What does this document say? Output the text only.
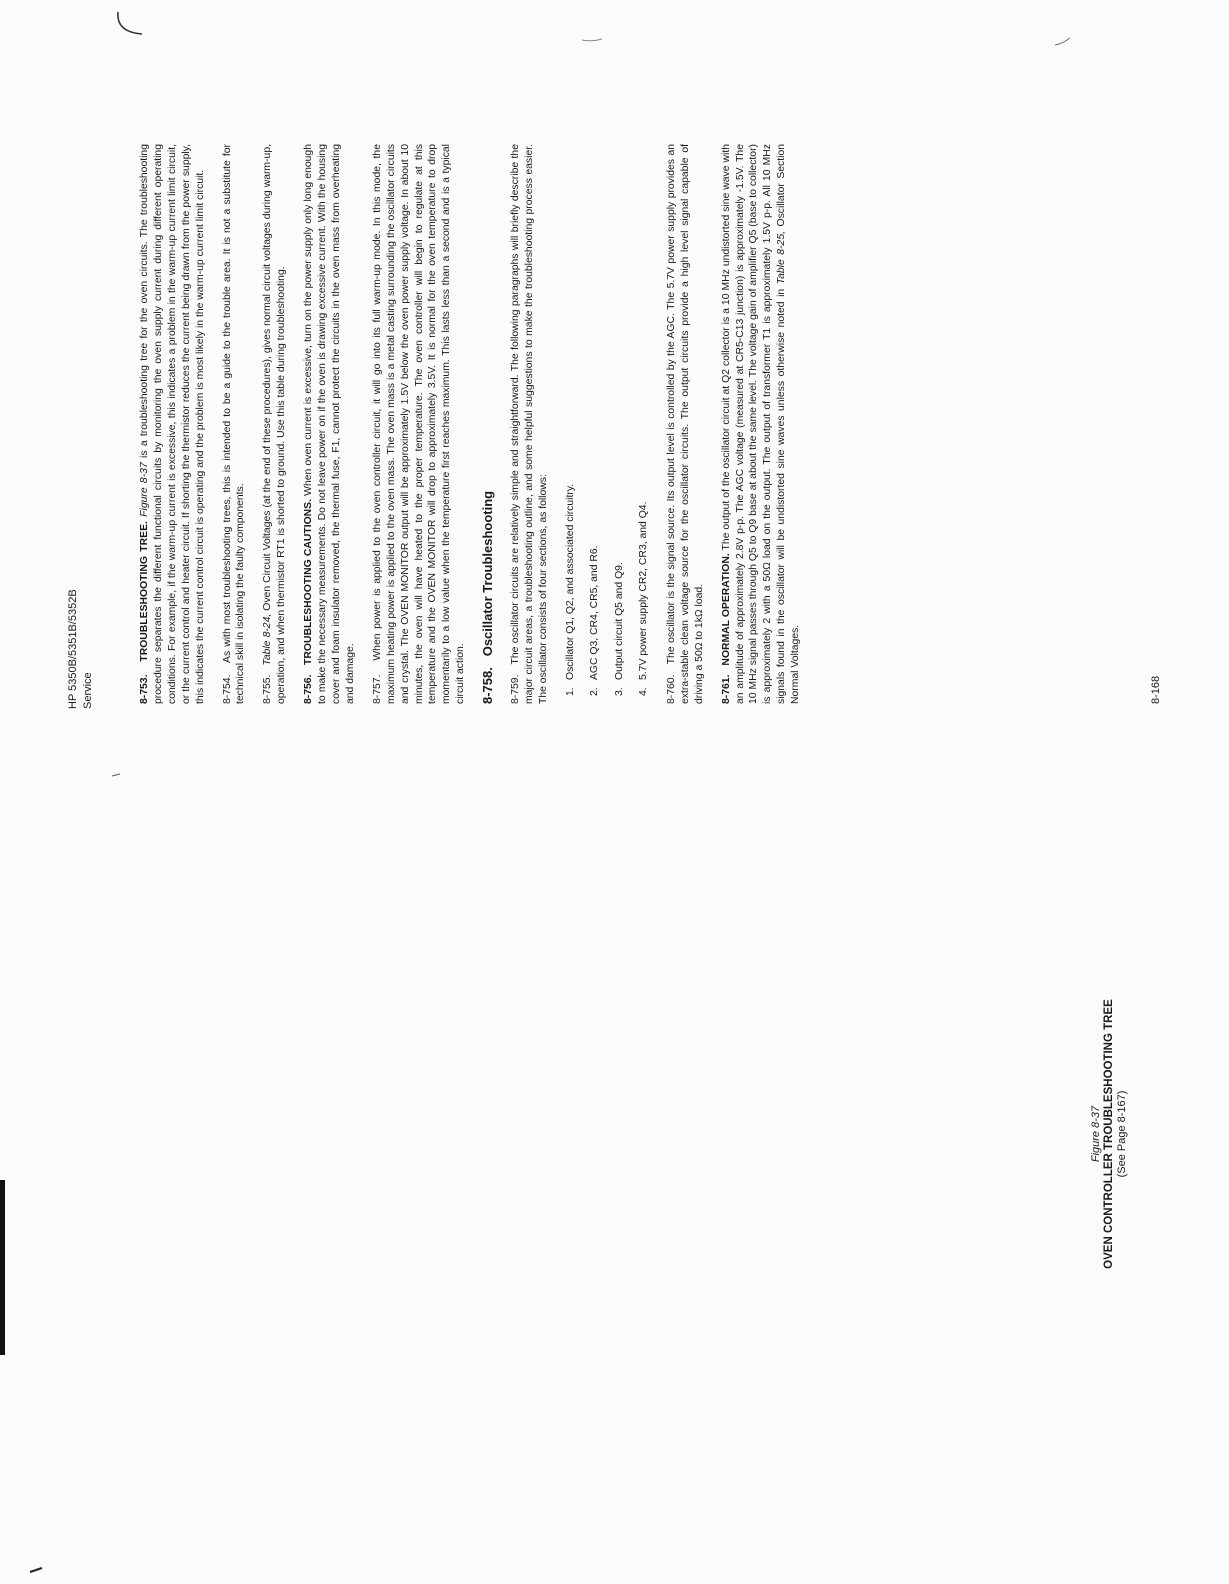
HP 5350B/5351B/5352B Service	8-753.   TROUBLESHOOTING TREE. Figure 8-37 is a troubleshooting tree for the oven circuits. The troubleshooting procedure separates the different functional circuits by monitoring the oven supply current during different operating conditions. For example, if the warm-up current is excessive, this indicates a problem in the warm-up current limit circuit, or the current control and heater circuit. If shorting the thermistor reduces the current being drawn from the power supply, this indicates the current control circuit is operating and the problem is most likely in the warm-up current limit circuit. 8-754.   As with most troubleshooting trees, this is intended to be a guide to the trouble area. It is not a substitute for technical skill in isolating the faulty components. 8-755.   Table 8-24, Oven Circuit Voltages (at the end of these procedures), gives normal circuit voltages during warm-up, operation, and when thermistor RT1 is shorted to ground. Use this table during troubleshooting. 8-756.   TROUBLESHOOTING CAUTIONS. When oven current is excessive, turn on the power supply only long enough to make the necessary measurements. Do not leave power on if the oven is drawing excessive current. With the housing cover and foam insulator removed, the thermal fuse, F1, cannot protect the circuits in the oven mass from overheating and damage. 8-757.   When power is applied to the oven controller circuit, it will go into its full warm-up mode. In this mode, the maximum heating power is applied to the oven mass. The oven mass is a metal casting surrounding the oscillator circuits and crystal. The OVEN MONITOR output will be approximately 1.5V below the oven power supply voltage. In about 10 minutes, the oven will have heated to the proper temperature. The oven controller will begin to regulate at this temperature and the OVEN MONITOR will drop to approximately 3.5V. It is normal for the oven temperature to drop momentarily to a low value when the temperature first reaches maximum. This lasts less than a second and is a typical circuit action. 8-758.   Oscillator Troubleshooting

8-759.   The oscillator circuits are relatively simple and straightforward. The following paragraphs will briefly describe the major circuit areas, a troubleshooting outline, and some helpful suggestions to make the troubleshooting process easier. The oscillator consists of four sections, as follows: 1.Oscillator Q1, Q2, and associated circuitry.
2.AGC Q3, CR4, CR5, and R6.
3.Output circuit Q5 and Q9.
4.5.7V power supply CR2, CR3, and Q4.

8-760.   The oscillator is the signal source. Its output level is controlled by the AGC. The 5.7V power supply provides an extra-stable clean voltage source for the oscillator circuits. The output circuits provide a high level signal capable of driving a 50Ω to 1kΩ load. 8-761.   NORMAL OPERATION. The output of the oscillator circuit at Q2 collector is a 10 MHz undistorted sine wave with an amplitude of approximately 2.8V p-p. The AGC voltage (measured at CR5-C13 junction) is approximately -1.5V. The 10 MHz signal passes through Q5 to Q9 base at about the same level. The voltage gain of amplifier Q5 (base to collector) is approximately 2 with a 50Ω load on the output. The output of transformer T1 is approximately 1.5V p-p. All 10 MHz signals found in the oscillator will be undistorted sine waves unless otherwise noted in Table 8-25, Oscillator Section Normal Voltages.	8-168
Figure 8-37 OVEN CONTROLLER TROUBLESHOOTING TREE (See Page 8-167)
